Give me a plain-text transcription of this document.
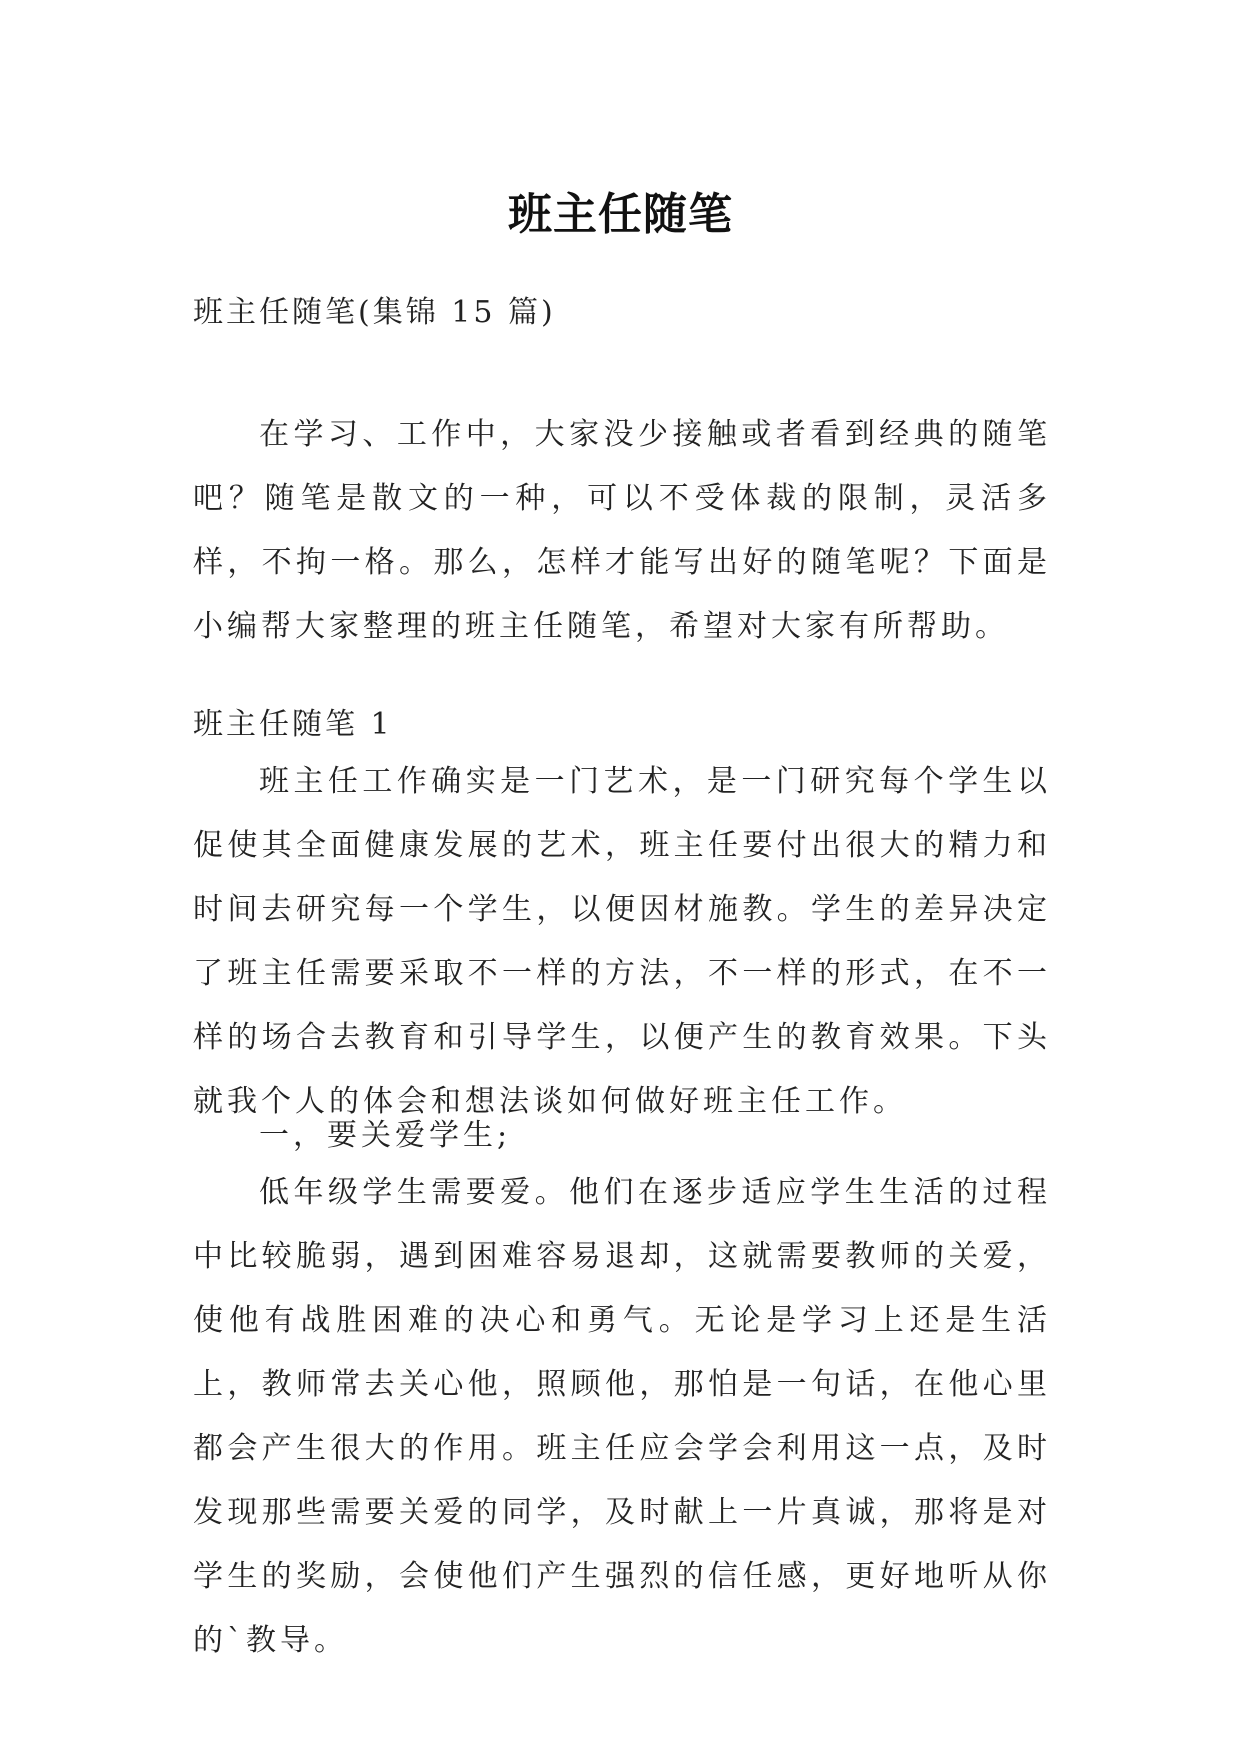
班主任随笔
班主任随笔(集锦 15 篇)

在学习、工作中，大家没少接触或者看到经典的随笔吧？随笔是散文的一种，可以不受体裁的限制，灵活多样，不拘一格。那么，怎样才能写出好的随笔呢？下面是小编帮大家整理的班主任随笔，希望对大家有所帮助。

班主任随笔 1

班主任工作确实是一门艺术，是一门研究每个学生以促使其全面健康发展的艺术，班主任要付出很大的精力和时间去研究每一个学生，以便因材施教。学生的差异决定了班主任需要采取不一样的方法，不一样的形式，在不一样的场合去教育和引导学生，以便产生的教育效果。下头就我个人的体会和想法谈如何做好班主任工作。

一，要关爱学生;

低年级学生需要爱。他们在逐步适应学生生活的过程中比较脆弱，遇到困难容易退却，这就需要教师的关爱，使他有战胜困难的决心和勇气。无论是学习上还是生活上，教师常去关心他，照顾他，那怕是一句话，在他心里都会产生很大的作用。班主任应会学会利用这一点，及时发现那些需要关爱的同学，及时献上一片真诚，那将是对学生的奖励，会使他们产生强烈的信任感，更好地听从你的`教导。
